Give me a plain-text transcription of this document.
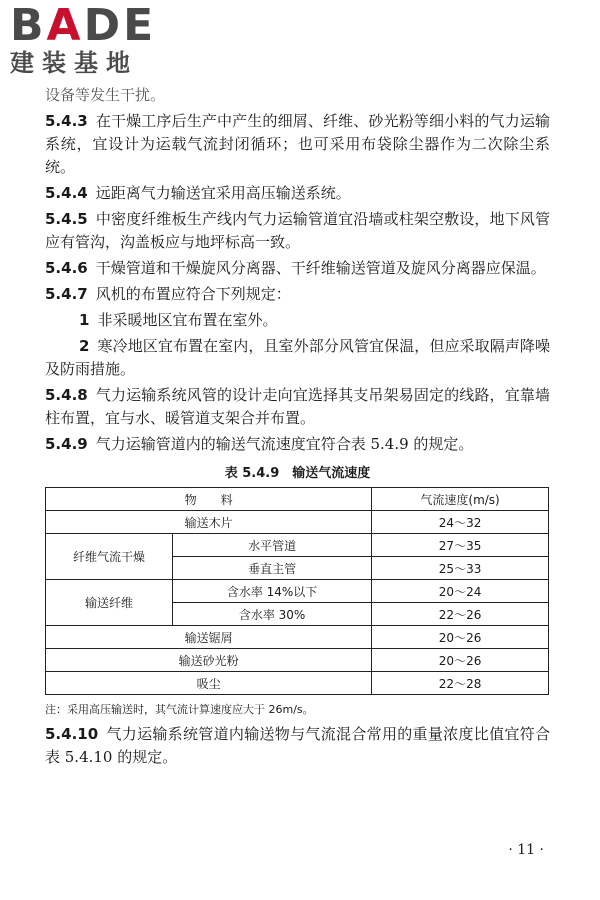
BADE
建装基地
设备等发生干扰。
5.4.3 在干燥工序后生产中产生的细屑、纤维、砂光粉等细小料的气力运输系统，宜设计为运载气流封闭循环；也可采用布袋除尘器作为二次除尘系统。
5.4.4 远距离气力输送宜采用高压输送系统。
5.4.5 中密度纤维板生产线内气力运输管道宜沿墙或柱架空敷设，地下风管应有管沟，沟盖板应与地坪标高一致。
5.4.6 干燥管道和干燥旋风分离器、干纤维输送管道及旋风分离器应保温。
5.4.7 风机的布置应符合下列规定：
1 非采暖地区宜布置在室外。
2 寒冷地区宜布置在室内，且室外部分风管宜保温，但应采取隔声降噪及防雨措施。
5.4.8 气力运输系统风管的设计走向宜选择其支吊架易固定的线路，宜靠墙柱布置，宜与水、暖管道支架合并布置。
5.4.9 气力运输管道内的输送气流速度宜符合表 5.4.9 的规定。
表 5.4.9　输送气流速度
物　　料		气流速度(m/s)
输送木片		24～32
纤维气流干燥	水平管道	27～35
	垂直主管	25～33
输送纤维	含水率 14%以下	20～24
	含水率 30%	22～26
输送锯屑		20～26
输送砂光粉		20～26
吸尘		22～28
注：采用高压输送时，其气流计算速度应大于 26m/s。
5.4.10 气力运输系统管道内输送物与气流混合常用的重量浓度比值宜符合表 5.4.10 的规定。
· 11 ·
